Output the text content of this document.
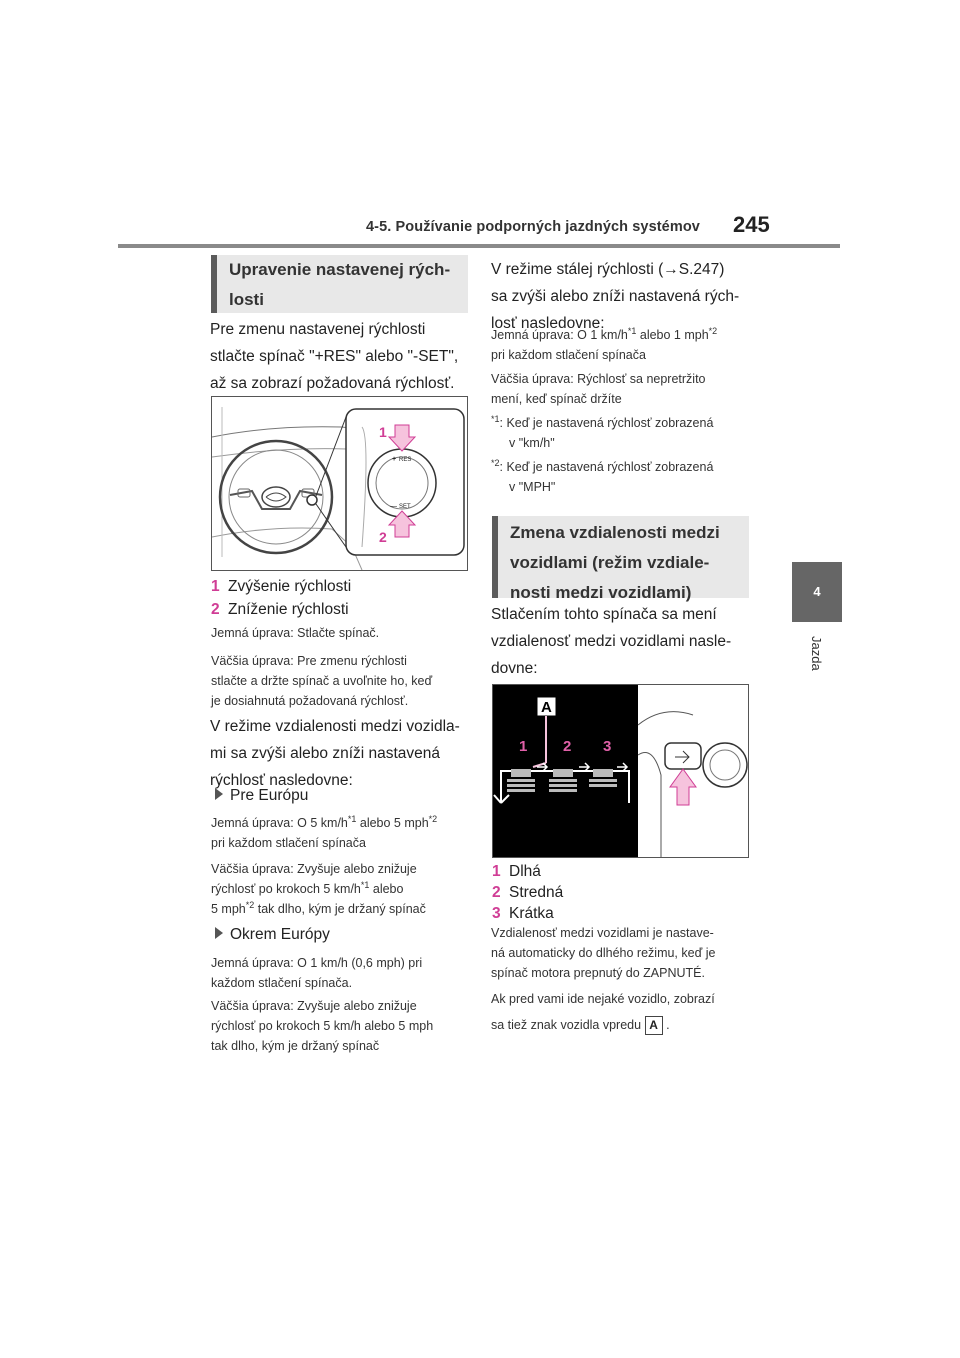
4-5. Používanie podporných jazdných systémov 245
4
Jazda
Upravenie nastavenej rých-
losti
Pre zmenu nastavenej rýchlosti
stlačte spínač "+RES" alebo "-SET",
až sa zobrazí požadovaná rýchlosť.
1
2
+ RES
— SET
1 Zvýšenie rýchlosti
2 Zníženie rýchlosti
Jemná úprava: Stlačte spínač.
Väčšia úprava: Pre zmenu rýchlosti
stlačte a držte spínač a uvoľnite ho, keď
je dosiahnutá požadovaná rýchlosť.
V režime vzdialenosti medzi vozidla-
mi sa zvýši alebo zníži nastavená
rýchlosť nasledovne:
Pre Európu
Jemná úprava: O 5 $km/h^{*1}$ alebo 5 mph$^{*2}$
pri každom stlačení spínača
Väčšia úprava: Zvyšuje alebo znižuje
rýchlosť po krokoch 5 $km/h^{*1}$ alebo
5 mph$^{*2}$ tak dlho, kým je držaný spínač
Okrem Európy
Jemná úprava: O 1 km/h (0,6 mph) pri
každom stlačení spínača.
Väčšia úprava: Zvyšuje alebo znižuje
rýchlosť po krokoch 5 km/h alebo 5 mph
tak dlho, kým je držaný spínač
V režime stálej rýchlosti (→S.247)
sa zvýši alebo zníži nastavená rých-
losť nasledovne:
Jemná úprava: O 1 $km/h^{*1}$ alebo 1 mph$^{*2}$
pri každom stlačení spínača
Väčšia úprava: Rýchlosť sa nepretržito
mení, keď spínač držíte
$^{*1}$: Keď je nastavená rýchlosť zobrazená
v "km/h"
$^{*2}$: Keď je nastavená rýchlosť zobrazená
v "MPH"
Zmena vzdialenosti medzi
vozidlami (režim vzdiale-
nosti medzi vozidlami)
Stlačením tohto spínača sa mení
vzdialenosť medzi vozidlami nasle-
dovne:
A
1 2 3
1 Dlhá
2 Stredná
3 Krátka
Vzdialenosť medzi vozidlami je nastave-
ná automaticky do dlhého režimu, keď je
spínač motora prepnutý do ZAPNUTÉ.
Ak pred vami ide nejaké vozidlo, zobrazí
sa tiež znak vozidla vpredu A .
